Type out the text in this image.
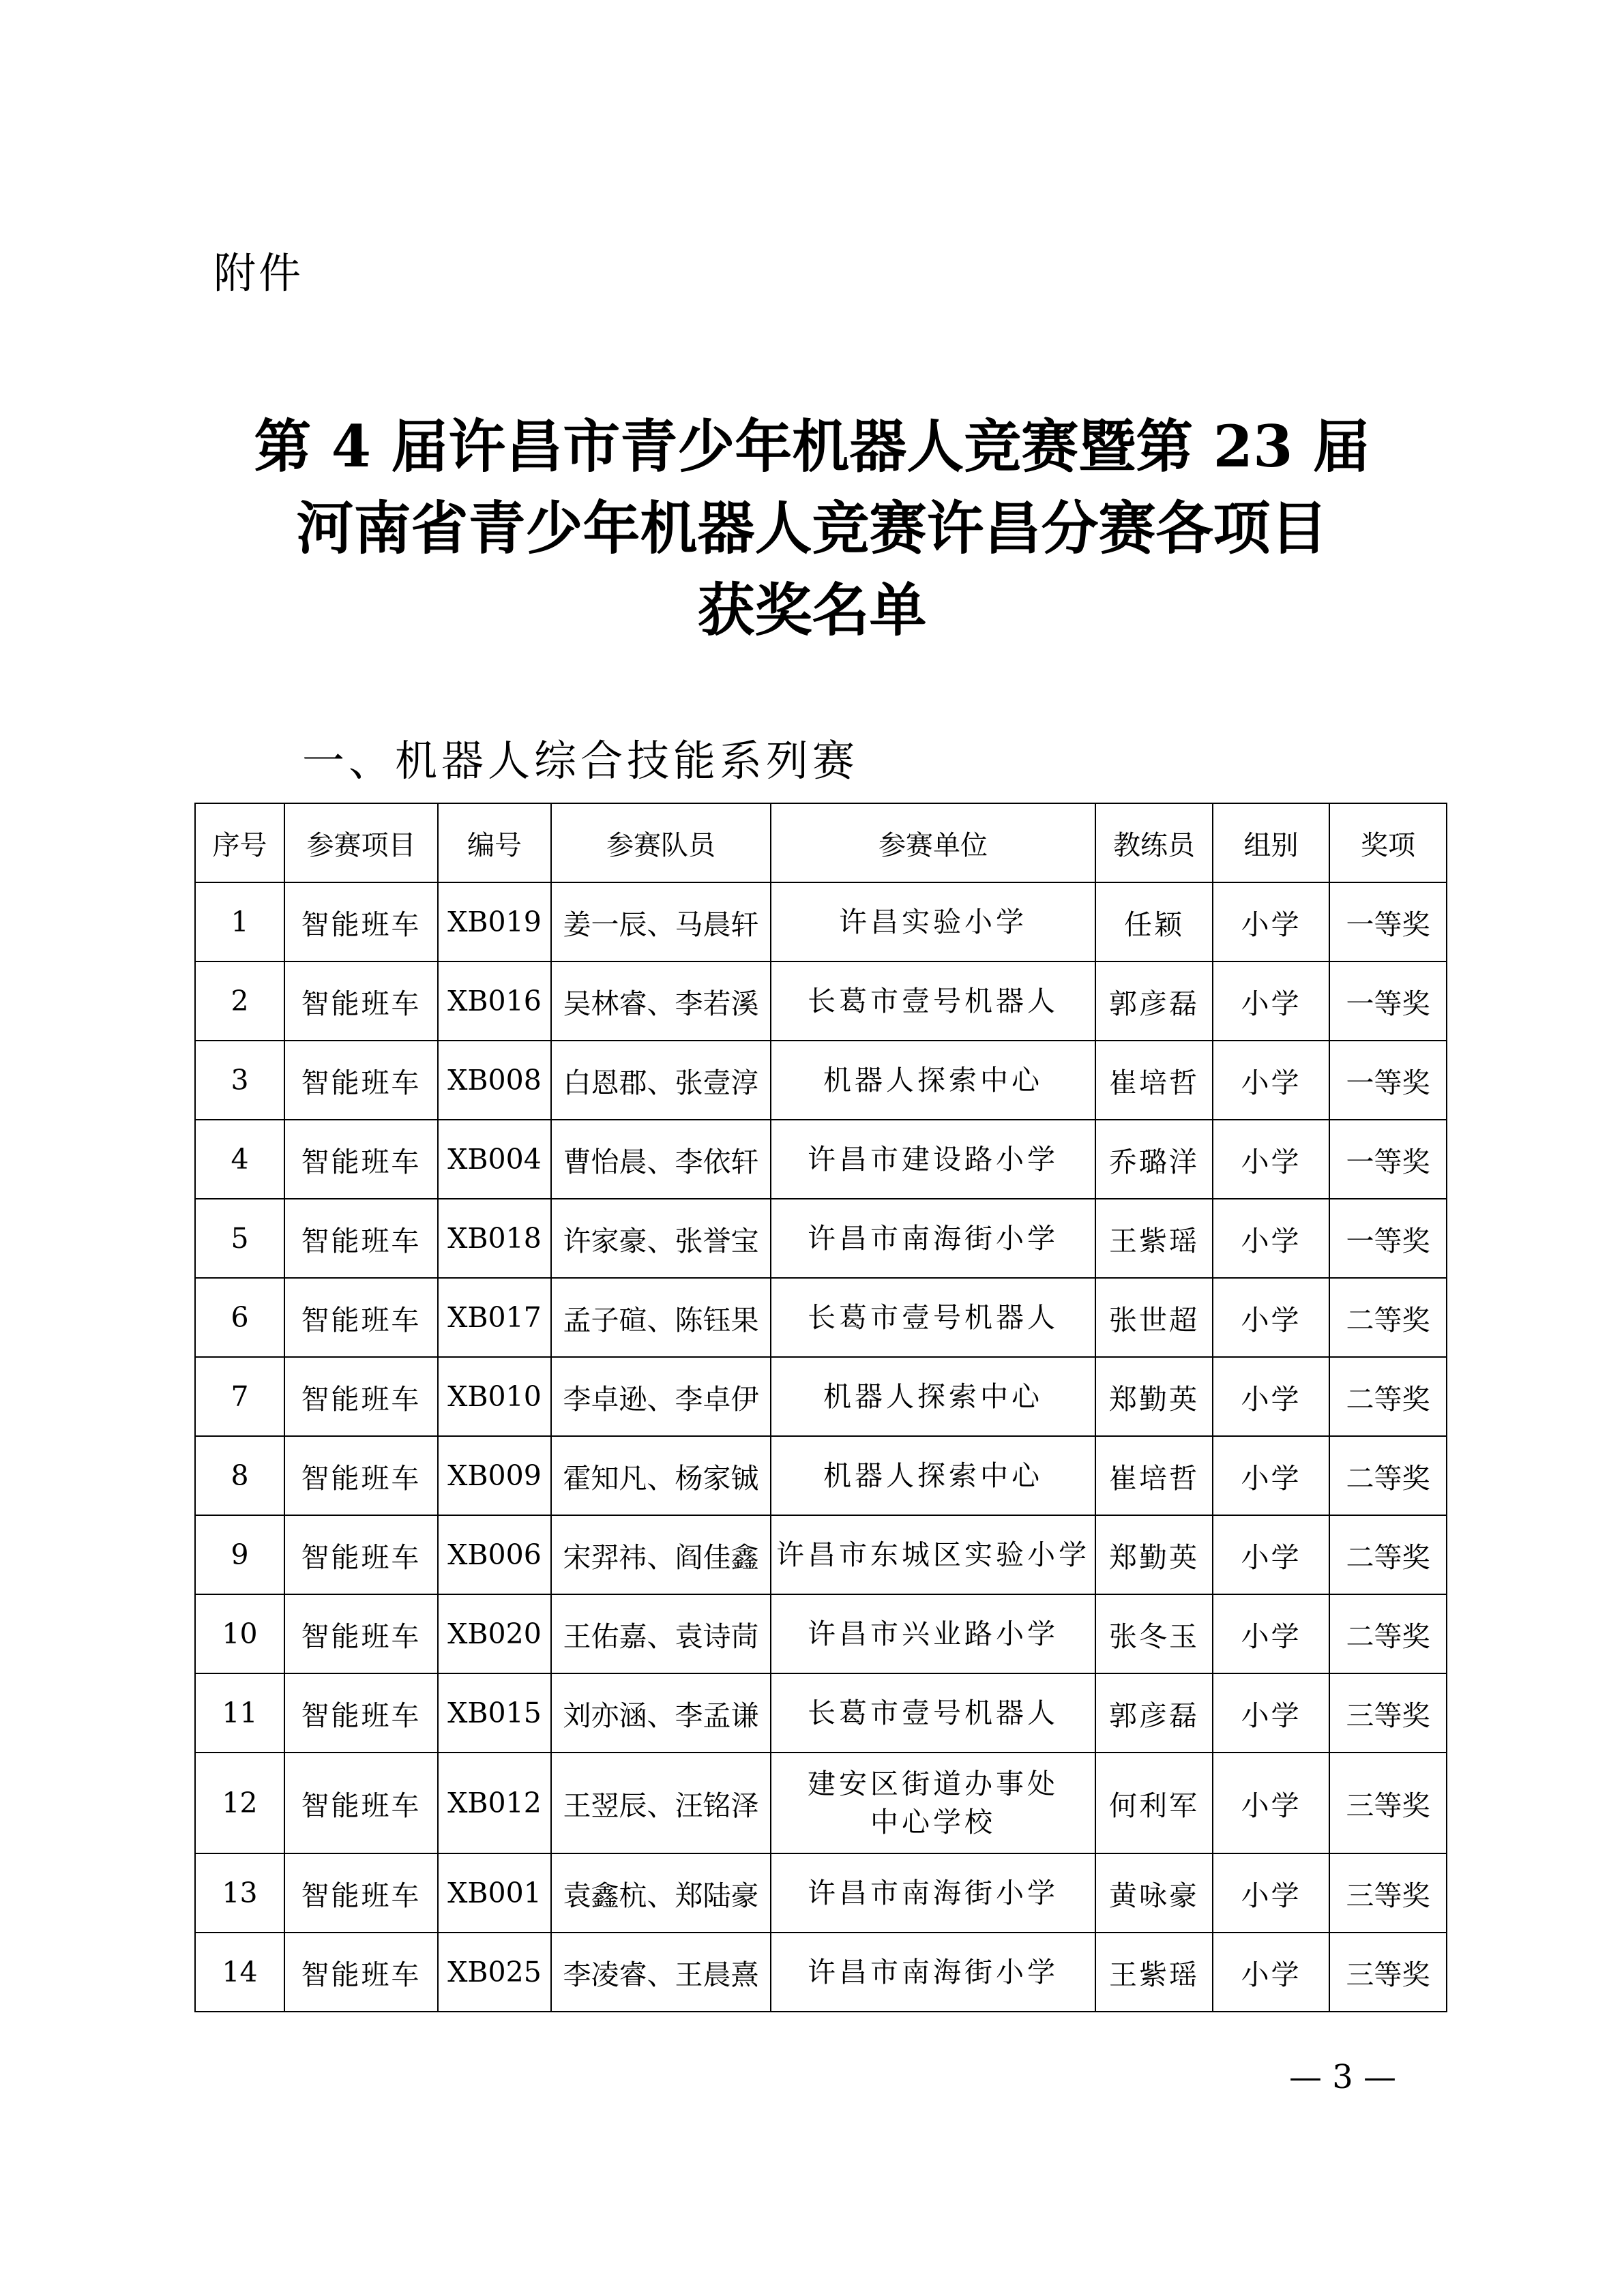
附件
第 4 届许昌市青少年机器人竞赛暨第 23 届
河南省青少年机器人竞赛许昌分赛各项目
获奖名单
一、机器人综合技能系列赛
序号	参赛项目	编号	参赛队员	参赛单位	教练员	组别	奖项
1	智能班车	XB019	姜一辰、马晨轩	许昌实验小学	任颖	小学	一等奖
2	智能班车	XB016	吴林睿、李若溪	长葛市壹号机器人	郭彦磊	小学	一等奖
3	智能班车	XB008	白恩郡、张壹淳	机器人探索中心	崔培哲	小学	一等奖
4	智能班车	XB004	曹怡晨、李依轩	许昌市建设路小学	乔璐洋	小学	一等奖
5	智能班车	XB018	许家豪、张誉宝	许昌市南海街小学	王紫瑶	小学	一等奖
6	智能班车	XB017	孟子碹、陈钰果	长葛市壹号机器人	张世超	小学	二等奖
7	智能班车	XB010	李卓逊、李卓伊	机器人探索中心	郑勤英	小学	二等奖
8	智能班车	XB009	霍知凡、杨家铖	机器人探索中心	崔培哲	小学	二等奖
9	智能班车	XB006	宋羿祎、阎佳鑫	许昌市东城区实验小学	郑勤英	小学	二等奖
10	智能班车	XB020	王佑嘉、袁诗茼	许昌市兴业路小学	张冬玉	小学	二等奖
11	智能班车	XB015	刘亦涵、李孟谦	长葛市壹号机器人	郭彦磊	小学	三等奖
12	智能班车	XB012	王翌辰、汪铭泽	建安区街道办事处
中心学校	何利军	小学	三等奖
13	智能班车	XB001	袁鑫杭、郑陆豪	许昌市南海街小学	黄咏豪	小学	三等奖
14	智能班车	XB025	李凌睿、王晨熹	许昌市南海街小学	王紫瑶	小学	三等奖
— 3 —
